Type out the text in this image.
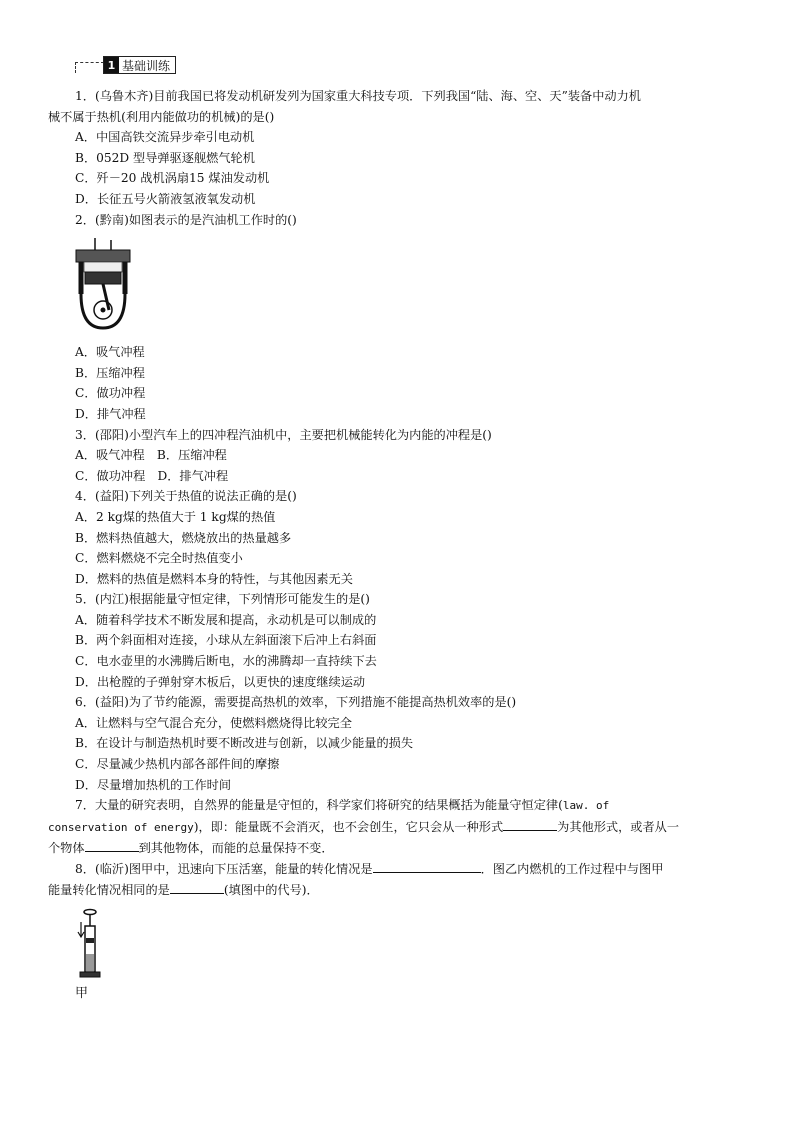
1 基础训练
1．(乌鲁木齐)目前我国已将发动机研发列为国家重大科技专项．下列我国“陆、海、空、天”装备中动力机
械不属于热机(利用内能做功的机械)的是()
A．中国高铁交流异步牵引电动机
B．052D 型导弹驱逐舰燃气轮机
C．歼－20 战机涡扇15 煤油发动机
D．长征五号火箭液氢液氧发动机
2．(黔南)如图表示的是汽油机工作时的()
A．吸气冲程
B．压缩冲程
C．做功冲程
D．排气冲程
3．(邵阳)小型汽车上的四冲程汽油机中，主要把机械能转化为内能的冲程是()
A．吸气冲程　B．压缩冲程
C．做功冲程　D．排气冲程
4．(益阳)下列关于热值的说法正确的是()
A．2 kg煤的热值大于 1 kg煤的热值
B．燃料热值越大，燃烧放出的热量越多
C．燃料燃烧不完全时热值变小
D．燃料的热值是燃料本身的特性，与其他因素无关
5．(内江)根据能量守恒定律，下列情形可能发生的是()
A．随着科学技术不断发展和提高，永动机是可以制成的
B．两个斜面相对连接，小球从左斜面滚下后冲上右斜面
C．电水壶里的水沸腾后断电，水的沸腾却一直持续下去
D．出枪膛的子弹射穿木板后，以更快的速度继续运动
6．(益阳)为了节约能源，需要提高热机的效率，下列措施不能提高热机效率的是()
A．让燃料与空气混合充分，使燃料燃烧得比较完全
B．在设计与制造热机时要不断改进与创新，以减少能量的损失
C．尽量减少热机内部各部件间的摩擦
D．尽量增加热机的工作时间
7．大量的研究表明，自然界的能量是守恒的，科学家们将研究的结果概括为能量守恒定律(law. of
conservation of energy)，即：能量既不会消灭，也不会创生，它只会从一种形式	为其他形式，或者从一
个物体	到其他物体，而能的总量保持不变．
8．(临沂)图甲中，迅速向下压活塞，能量的转化情况是	．图乙内燃机的工作过程中与图甲
能量转化情况相同的是	(填图中的代号)．
甲
